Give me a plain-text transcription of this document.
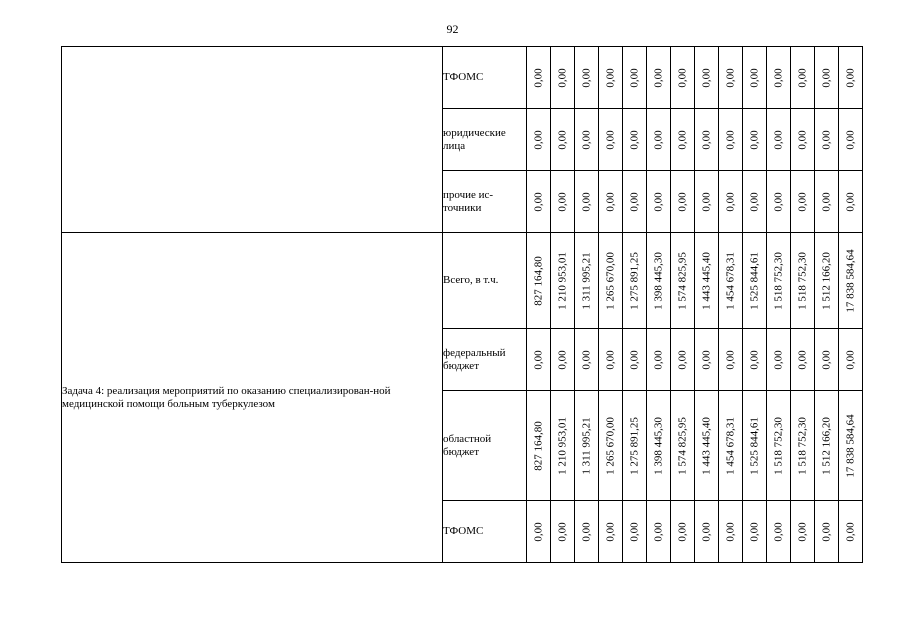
92
	ТФОМС	0,00	0,00	0,00	0,00	0,00	0,00	0,00	0,00	0,00	0,00	0,00	0,00	0,00	0,00

	юридические лица	0,00	0,00	0,00	0,00	0,00	0,00	0,00	0,00	0,00	0,00	0,00	0,00	0,00	0,00

	прочие ис-точники	0,00	0,00	0,00	0,00	0,00	0,00	0,00	0,00	0,00	0,00	0,00	0,00	0,00	0,00

Задача 4: реализация мероприятий по оказанию специализирован-ной медицинской помощи больным туберкулезом	Всего, в т.ч.	827 164,80	1 210 953,01	1 311 995,21	1 265 670,00	1 275 891,25	1 398 445,30	1 574 825,95	1 443 445,40	1 454 678,31	1 525 844,61	1 518 752,30	1 518 752,30	1 512 166,20	17 838 584,64

	федеральный бюджет	0,00	0,00	0,00	0,00	0,00	0,00	0,00	0,00	0,00	0,00	0,00	0,00	0,00	0,00

	областной бюджет	827 164,80	1 210 953,01	1 311 995,21	1 265 670,00	1 275 891,25	1 398 445,30	1 574 825,95	1 443 445,40	1 454 678,31	1 525 844,61	1 518 752,30	1 518 752,30	1 512 166,20	17 838 584,64

	ТФОМС	0,00	0,00	0,00	0,00	0,00	0,00	0,00	0,00	0,00	0,00	0,00	0,00	0,00	0,00
